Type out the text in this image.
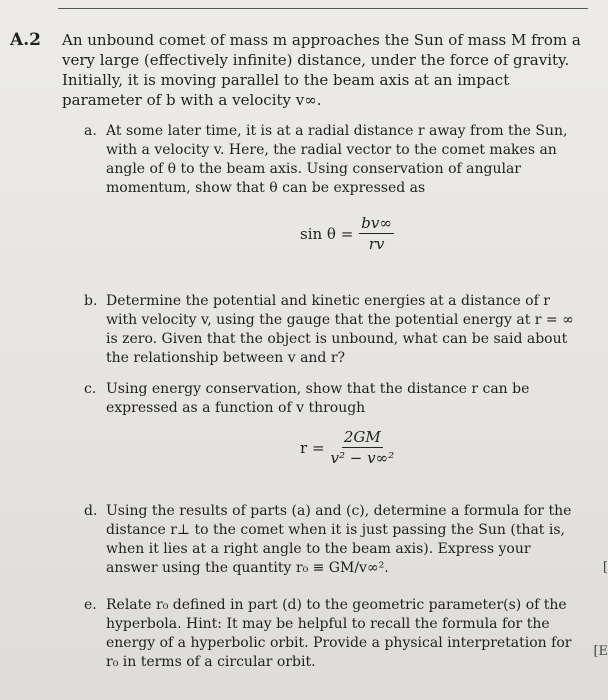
A.2 An unbound comet of mass m approaches the Sun of mass M from a very large (effectively infinite) distance, under the force of gravity. Initially, it is moving parallel to the beam axis at an impact parameter of b with a velocity v∞.
a. At some later time, it is at a radial distance r away from the Sun, with a velocity v. Here, the radial vector to the comet makes an angle of θ to the beam axis. Using conservation of angular momentum, show that θ can be expressed as
$\sin \theta = \frac{bv\infty}{rv}$
b. Determine the potential and kinetic energies at a distance of r with velocity v, using the gauge that the potential energy at r = ∞ is zero. Given that the object is unbound, what can be said about the relationship between v and r?
c. Using energy conservation, show that the distance r can be expressed as a function of v through
$r = \frac{2GM}{\text{v² − v∞²}}$
d. Using the results of parts (a) and (c), determine a formula for the distance r⊥ to the comet when it is just passing the Sun (that is, when it lies at a right angle to the beam axis). Express your answer using the quantity r₀ ≡ GM/v∞².
e. Relate r₀ defined in part (d) to the geometric parameter(s) of the hyperbola. Hint: It may be helpful to recall the formula for the energy of a hyperbolic orbit. Provide a physical interpretation for r₀ in terms of a circular orbit.
[
[E
